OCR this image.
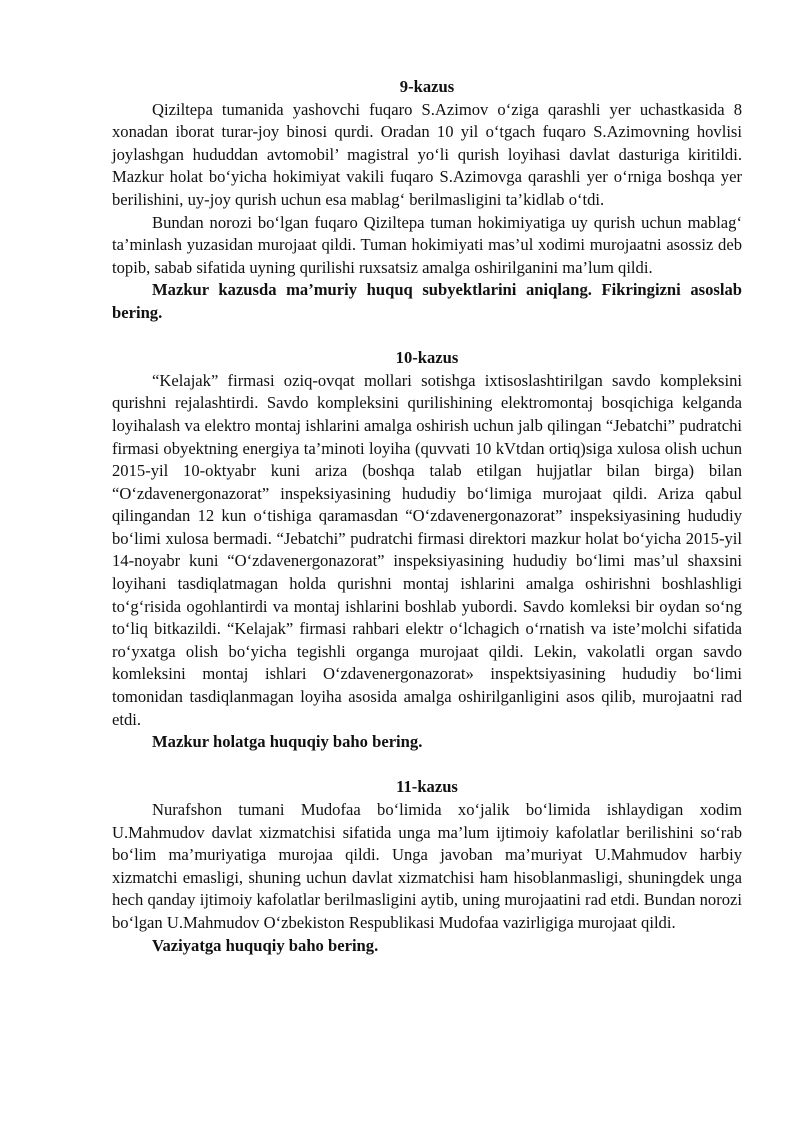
9-kazus

Qiziltepa tumanida yashovchi fuqaro S.Azimov o‘ziga qarashli yer uchastkasida 8 xonadan iborat turar-joy binosi qurdi. Oradan 10 yil o‘tgach fuqaro S.Azimovning hovlisi joylashgan hududdan avtomobil’ magistral yo‘li qurish loyihasi davlat dasturiga kiritildi. Mazkur holat bo‘yicha hokimiyat vakili fuqaro S.Azimovga qarashli yer o‘rniga boshqa yer berilishini, uy-joy qurish uchun esa mablag‘ berilmasligini ta’kidlab o‘tdi.

Bundan norozi bo‘lgan fuqaro Qiziltepa tuman hokimiyatiga uy qurish uchun mablag‘ ta’minlash yuzasidan murojaat qildi. Tuman hokimiyati mas’ul xodimi murojaatni asossiz deb topib, sabab sifatida uyning qurilishi ruxsatsiz amalga oshirilganini ma’lum qildi.

Mazkur kazusda ma’muriy huquq subyektlarini aniqlang. Fikringizni asoslab bering.

10-kazus

“Kelajak” firmasi oziq-ovqat mollari sotishga ixtisoslashtirilgan savdo kompleksini qurishni rejalashtirdi. Savdo kompleksini qurilishining elektromontaj bosqichiga kelganda loyihalash va elektro montaj ishlarini amalga oshirish uchun jalb qilingan “Jebatchi” pudratchi firmasi obyektning energiya ta’minoti loyiha (quvvati 10 kVtdan ortiq)siga xulosa olish uchun 2015-yil 10-oktyabr kuni ariza (boshqa talab etilgan hujjatlar bilan birga) bilan “O‘zdavenergonazorat” inspeksiyasining hududiy bo‘limiga murojaat qildi. Ariza qabul qilingandan 12 kun o‘tishiga qaramasdan “O‘zdavenergonazorat” inspeksiyasining hududiy bo‘limi xulosa bermadi. “Jebatchi” pudratchi firmasi direktori mazkur holat bo‘yicha 2015-yil 14-noyabr kuni “O‘zdavenergonazorat” inspeksiyasining hududiy bo‘limi mas’ul shaxsini loyihani tasdiqlatmagan holda qurishni montaj ishlarini amalga oshirishni boshlashligi to‘g‘risida ogohlantirdi va montaj ishlarini boshlab yubordi. Savdo komleksi bir oydan so‘ng to‘liq bitkazildi. “Kelajak” firmasi rahbari elektr o‘lchagich o‘rnatish va iste’molchi sifatida ro‘yxatga olish bo‘yicha tegishli organga murojaat qildi. Lekin, vakolatli organ savdo komleksini montaj ishlari O‘zdavenergonazorat» inspektsiyasining hududiy bo‘limi tomonidan tasdiqlanmagan loyiha asosida amalga oshirilganligini asos qilib, murojaatni rad etdi.

Mazkur holatga huquqiy baho bering.

11-kazus

Nurafshon tumani Mudofaa bo‘limida xo‘jalik bo‘limida ishlaydigan xodim U.Mahmudov davlat xizmatchisi sifatida unga ma’lum ijtimoiy kafolatlar berilishini so‘rab bo‘lim ma’muriyatiga murojaa qildi. Unga javoban ma’muriyat U.Mahmudov harbiy xizmatchi emasligi, shuning uchun davlat xizmatchisi ham hisoblanmasligi, shuningdek unga hech qanday ijtimoiy kafolatlar berilmasligini aytib, uning murojaatini rad etdi. Bundan norozi bo‘lgan U.Mahmudov O‘zbekiston Respublikasi Mudofaa vazirligiga murojaat qildi.

Vaziyatga huquqiy baho bering.
